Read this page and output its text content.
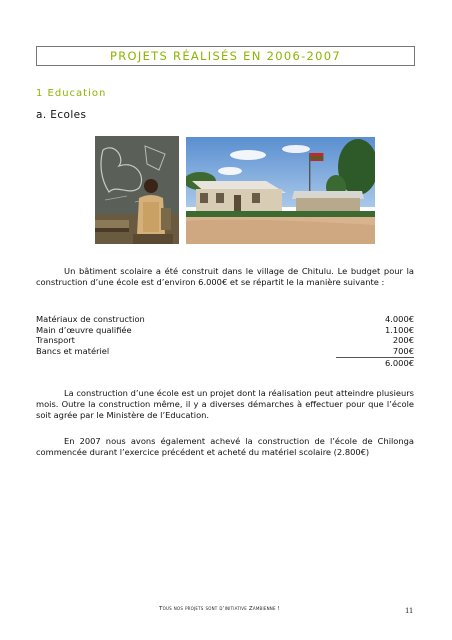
PROJETS RÉALISÉS EN 2006-2007
1 Education
a. Ecoles
Un bâtiment scolaire a été construit dans le village de Chitulu. Le budget pour la construction d’une école est d’environ 6.000€ et se répartit le la manière suivante :
Matériaux de construction	4.000€
Main d’œuvre qualifiée	1.100€
Transport	200€
Bancs et matériel	700€
6.000€
La construction d’une école est un projet dont la réalisation peut atteindre plusieurs mois. Outre la construction même, il y a diverses démarches à effectuer pour que l’école soit agrée par le Ministère de l’Education.
En 2007 nous avons également achevé la construction de l’école de Chilonga commencée durant l’exercice précédent et acheté du matériel scolaire (2.800€)
Tous nos projets sont d’initiative Zambienne !	11
